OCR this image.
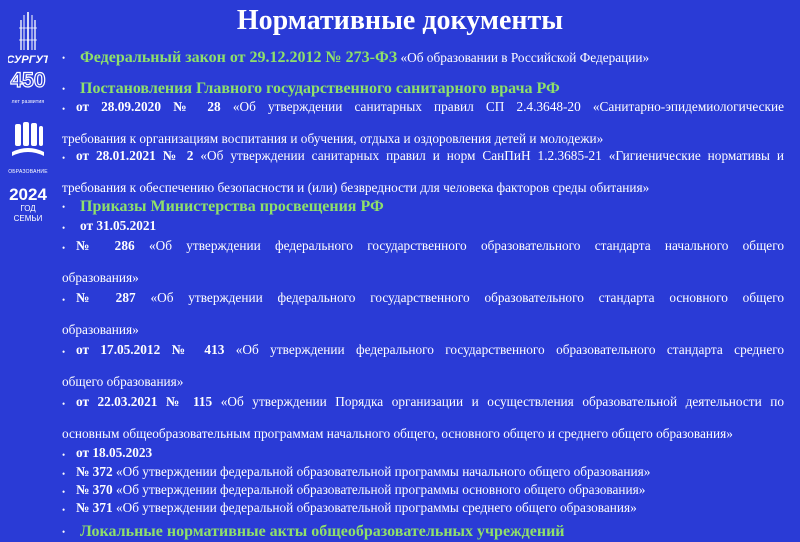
СУРГУТ
450
лет развития
ОБРАЗОВАНИЕ
2024
ГОД СЕМЬИ
Нормативные документы

• Федеральный закон от 29.12.2012 № 273-ФЗ «Об образовании в Российской Федерации»

• Постановления Главного государственного санитарного врача РФ

• от 28.09.2020 № 28 «Об утверждении санитарных правил СП 2.4.3648-20 «Санитарно-эпидемиологические
требования к организациям воспитания и обучения, отдыха и оздоровления детей и молодежи»
• от 28.01.2021 № 2 «Об утверждении санитарных правил и норм СанПиН 1.2.3685-21 «Гигиенические нормативы и
требования к обеспечению безопасности и (или) безвредности для человека факторов среды обитания»

• Приказы Министерства просвещения РФ

•	от 31.05.2021
• № 286 «Об утверждении федерального государственного образовательного стандарта начального общего
образования»
• № 287 «Об утверждении федерального государственного образовательного стандарта основного общего
образования»
• от 17.05.2012 № 413 «Об утверждении федерального государственного образовательного стандарта среднего
общего образования»
• от 22.03.2021 № 115 «Об утверждении Порядка организации и осуществления образовательной деятельности по
основным общеобразовательным программам начального общего, основного общего и среднего общего образования»
• от 18.05.2023
• № 372 «Об утверждении федеральной образовательной программы начального общего образования»
• № 370 «Об утверждении федеральной образовательной программы основного общего образования»
• № 371 «Об утверждении федеральной образовательной программы среднего общего образования»

• Локальные нормативные акты общеобразовательных учреждений
